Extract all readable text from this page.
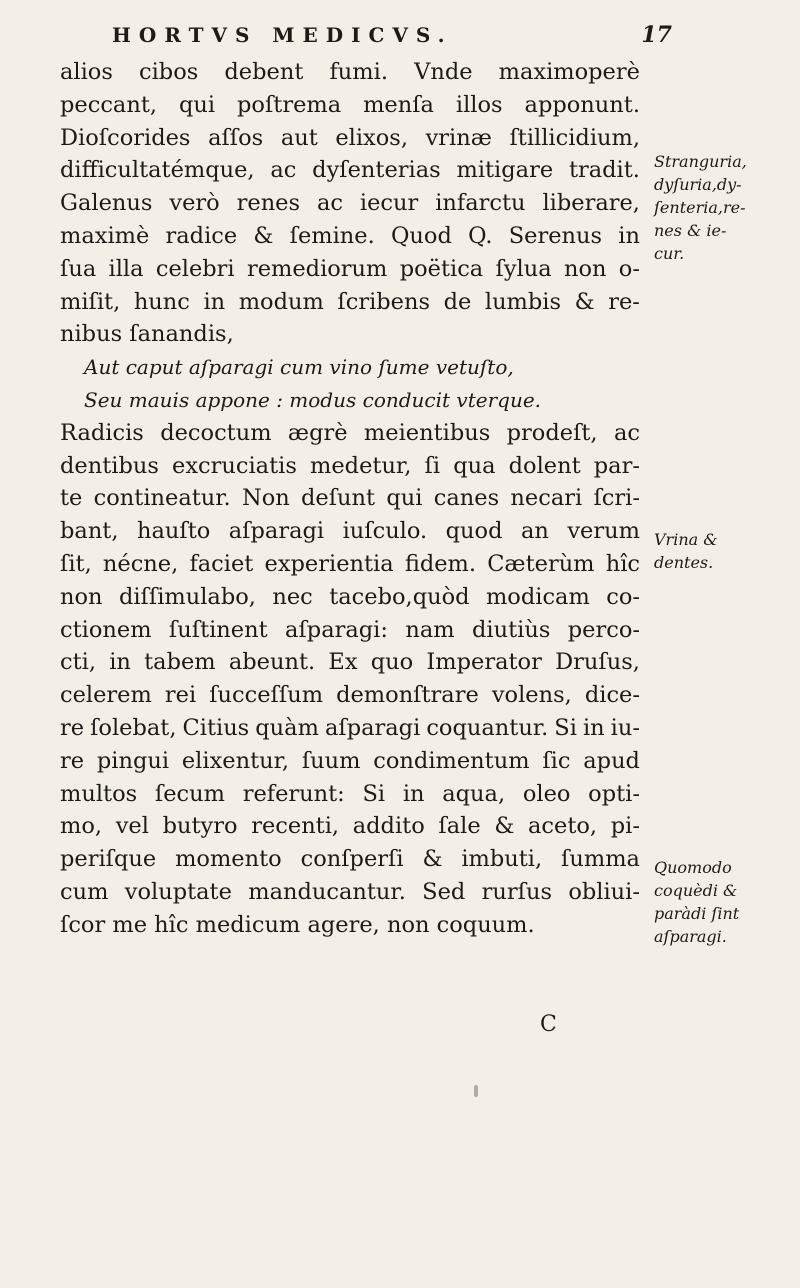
HORTVS MEDICVS.	17
alios cibos debent fumi. Vnde maximoperè
peccant, qui poſtrema menſa illos apponunt.
Dioſcorides aſſos aut elixos, vrinæ ſtillicidium,
difficultatémque, ac dyſenterias mitigare tradit.
Galenus verò renes ac iecur infarctu liberare,
maximè radice & ſemine. Quod Q. Serenus in
ſua illa celebri remediorum poëtica ſylua non o-
miſit, hunc in modum ſcribens de lumbis & re-
nibus ſanandis,
Aut caput aſparagi cum vino ſume vetuſto,
Seu mauis appone : modus conducit vterque.
Radicis decoctum ægrè meientibus prodeſt, ac
dentibus excruciatis medetur, ſi qua dolent par-
te contineatur. Non deſunt qui canes necari ſcri-
bant, hauſto aſparagi iuſculo. quod an verum
ſit, nécne, faciet experientia fidem. Cæterùm hîc
non diſſimulabo, nec tacebo,quòd modicam co-
ctionem ſuſtinent aſparagi: nam diutiùs perco-
cti, in tabem abeunt. Ex quo Imperator Druſus,
celerem rei ſucceſſum demonſtrare volens, dice-
re ſolebat, Citius quàm aſparagi coquantur. Si in iu-
re pingui elixentur, ſuum condimentum ſic apud
multos ſecum referunt: Si in aqua, oleo opti-
mo, vel butyro recenti, addito ſale & aceto, pi-
periſque momento conſperſi & imbuti, ſumma
cum voluptate manducantur. Sed rurſus obliui-
ſcor me hîc medicum agere, non coquum.
Stranguria,
dyſuria,dy-
ſenteria,re-
nes & ie-
cur.
Vrina &
dentes.
Quomodo
coquèdi &
paràdi ſint
aſparagi.
C
